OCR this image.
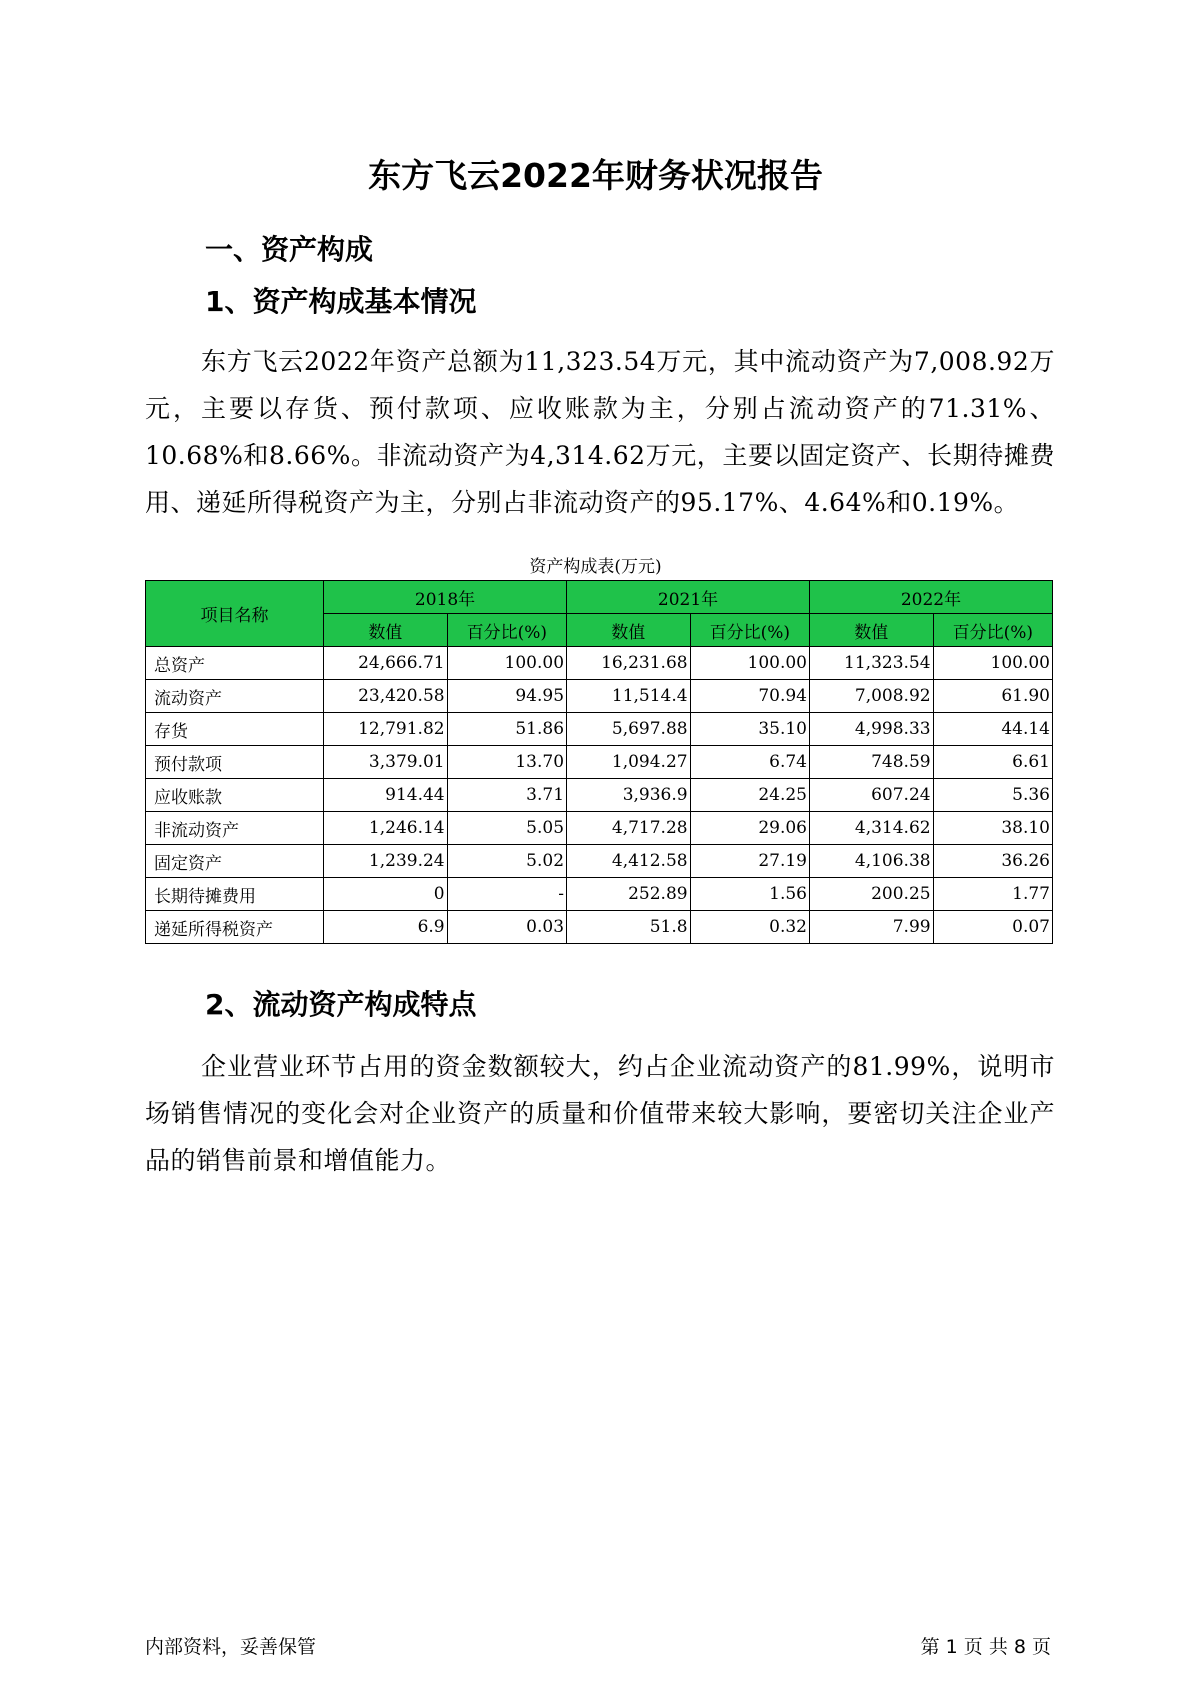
东方飞云2022年财务状况报告
一、资产构成
1、资产构成基本情况
东方飞云2022年资产总额为11,323.54万元，其中流动资产为7,008.92万元，主要以存货、预付款项、应收账款为主，分别占流动资产的71.31%、10.68%和8.66%。非流动资产为4,314.62万元，主要以固定资产、长期待摊费用、递延所得税资产为主，分别占非流动资产的95.17%、4.64%和0.19%。
资产构成表(万元)
项目名称	2018年		2021年		2022年	
	数值	百分比(%)	数值	百分比(%)	数值	百分比(%)
总资产	24,666.71	100.00	16,231.68	100.00	11,323.54	100.00
流动资产	23,420.58	94.95	11,514.4	70.94	7,008.92	61.90
存货	12,791.82	51.86	5,697.88	35.10	4,998.33	44.14
预付款项	3,379.01	13.70	1,094.27	6.74	748.59	6.61
应收账款	914.44	3.71	3,936.9	24.25	607.24	5.36
非流动资产	1,246.14	5.05	4,717.28	29.06	4,314.62	38.10
固定资产	1,239.24	5.02	4,412.58	27.19	4,106.38	36.26
长期待摊费用	0	-	252.89	1.56	200.25	1.77
递延所得税资产	6.9	0.03	51.8	0.32	7.99	0.07
2、流动资产构成特点
企业营业环节占用的资金数额较大，约占企业流动资产的81.99%，说明市场销售情况的变化会对企业资产的质量和价值带来较大影响，要密切关注企业产品的销售前景和增值能力。
内部资料，妥善保管	第 1 页 共 8 页
